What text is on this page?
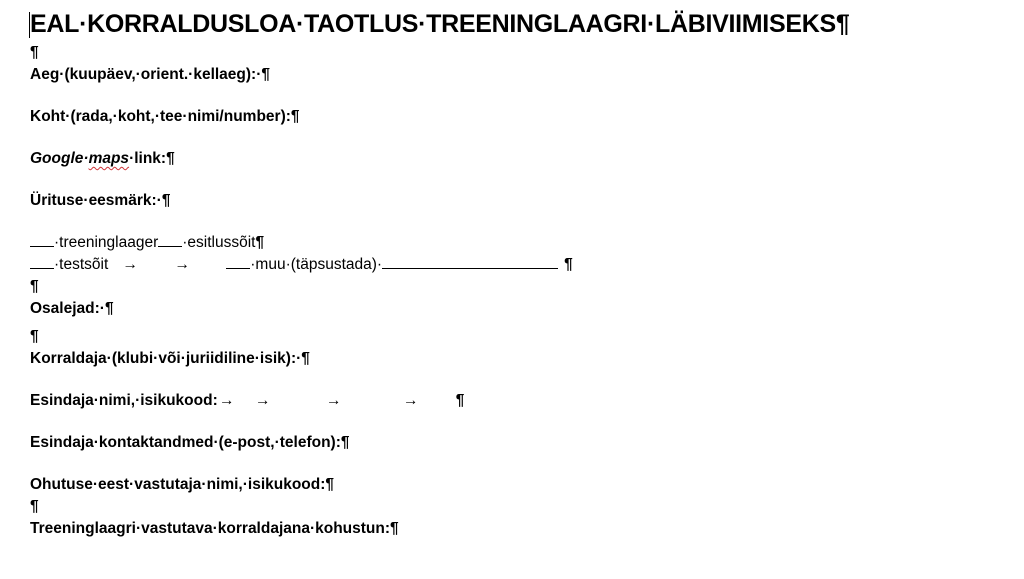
EAL·KORRALDUSLOA·TAOTLUS·TREENINGLAAGRI·LÄBIVIIMISEKS¶
¶
Aeg·(kuupäev,·orient.·kellaeg):·¶
Koht·(rada,·koht,·tee·nimi/number):¶
Google·maps·link:¶
Ürituse·eesmärk:·¶
·treeninglaager ·esitlussõit¶
·testsõit → →	·muu·(täpsustada)·	¶
¶
Osalejad:·¶
¶
Korraldaja·(klubi·või·juriidiline·isik):·¶
Esindaja·nimi,·isikukood:→ →	→	→ ¶
Esindaja·kontaktandmed·(e-post,·telefon):¶
Ohutuse·eest·vastutaja·nimi,·isikukood:¶
¶
Treeninglaagri·vastutava·korraldajana·kohustun:¶
